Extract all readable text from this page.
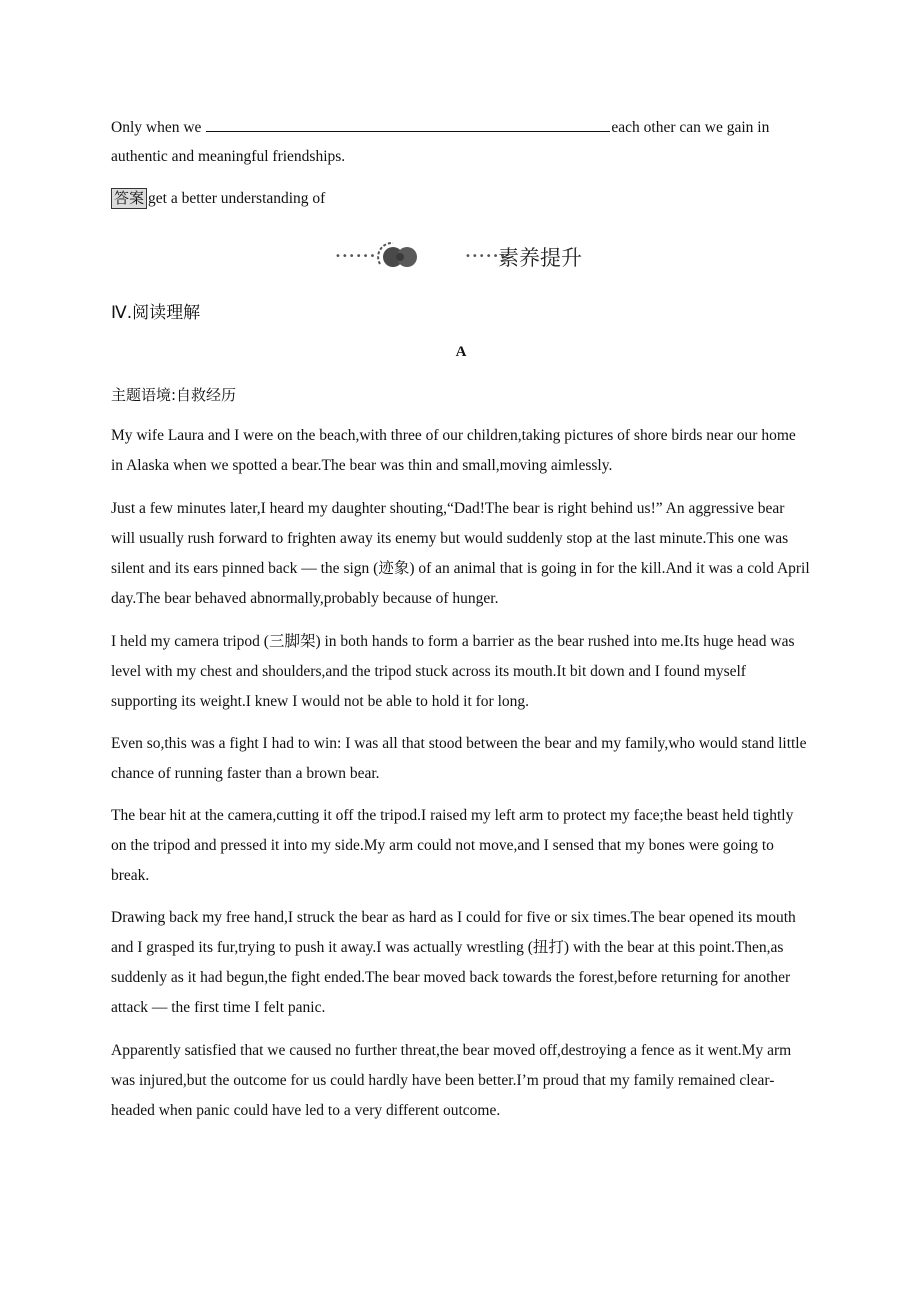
Only when we	each other can we gain in
authentic and meaningful friendships.
答案 get a better understanding of
••••••	••••••
素养提升
Ⅳ.阅读理解
A
主题语境:自救经历

My wife Laura and I were on the beach,with three of our children,taking pictures of shore birds near our home in Alaska when we spotted a bear.The bear was thin and small,moving aimlessly.

Just a few minutes later,I heard my daughter shouting,“Dad!The bear is right behind us!” An aggressive bear will usually rush forward to frighten away its enemy but would suddenly stop at the last minute.This one was silent and its ears pinned back — the sign (迹象) of an animal that is going in for the kill.And it was a cold April day.The bear behaved abnormally,probably because of hunger.

I held my camera tripod (三脚架) in both hands to form a barrier as the bear rushed into me.Its huge head was level with my chest and shoulders,and the tripod stuck across its mouth.It bit down and I found myself supporting its weight.I knew I would not be able to hold it for long.

Even so,this was a fight I had to win: I was all that stood between the bear and my family,who would stand little chance of running faster than a brown bear.

The bear hit at the camera,cutting it off the tripod.I raised my left arm to protect my face;the beast held tightly on the tripod and pressed it into my side.My arm could not move,and I sensed that my bones were going to break.

Drawing back my free hand,I struck the bear as hard as I could for five or six times.The bear opened its mouth and I grasped its fur,trying to push it away.I was actually wrestling (扭打) with the bear at this point.Then,as suddenly as it had begun,the fight ended.The bear moved back towards the forest,before returning for another attack — the first time I felt panic.

Apparently satisfied that we caused no further threat,the bear moved off,destroying a fence as it went.My arm was injured,but the outcome for us could hardly have been better.I’m proud that my family remained clear-headed when panic could have led to a very different outcome.
